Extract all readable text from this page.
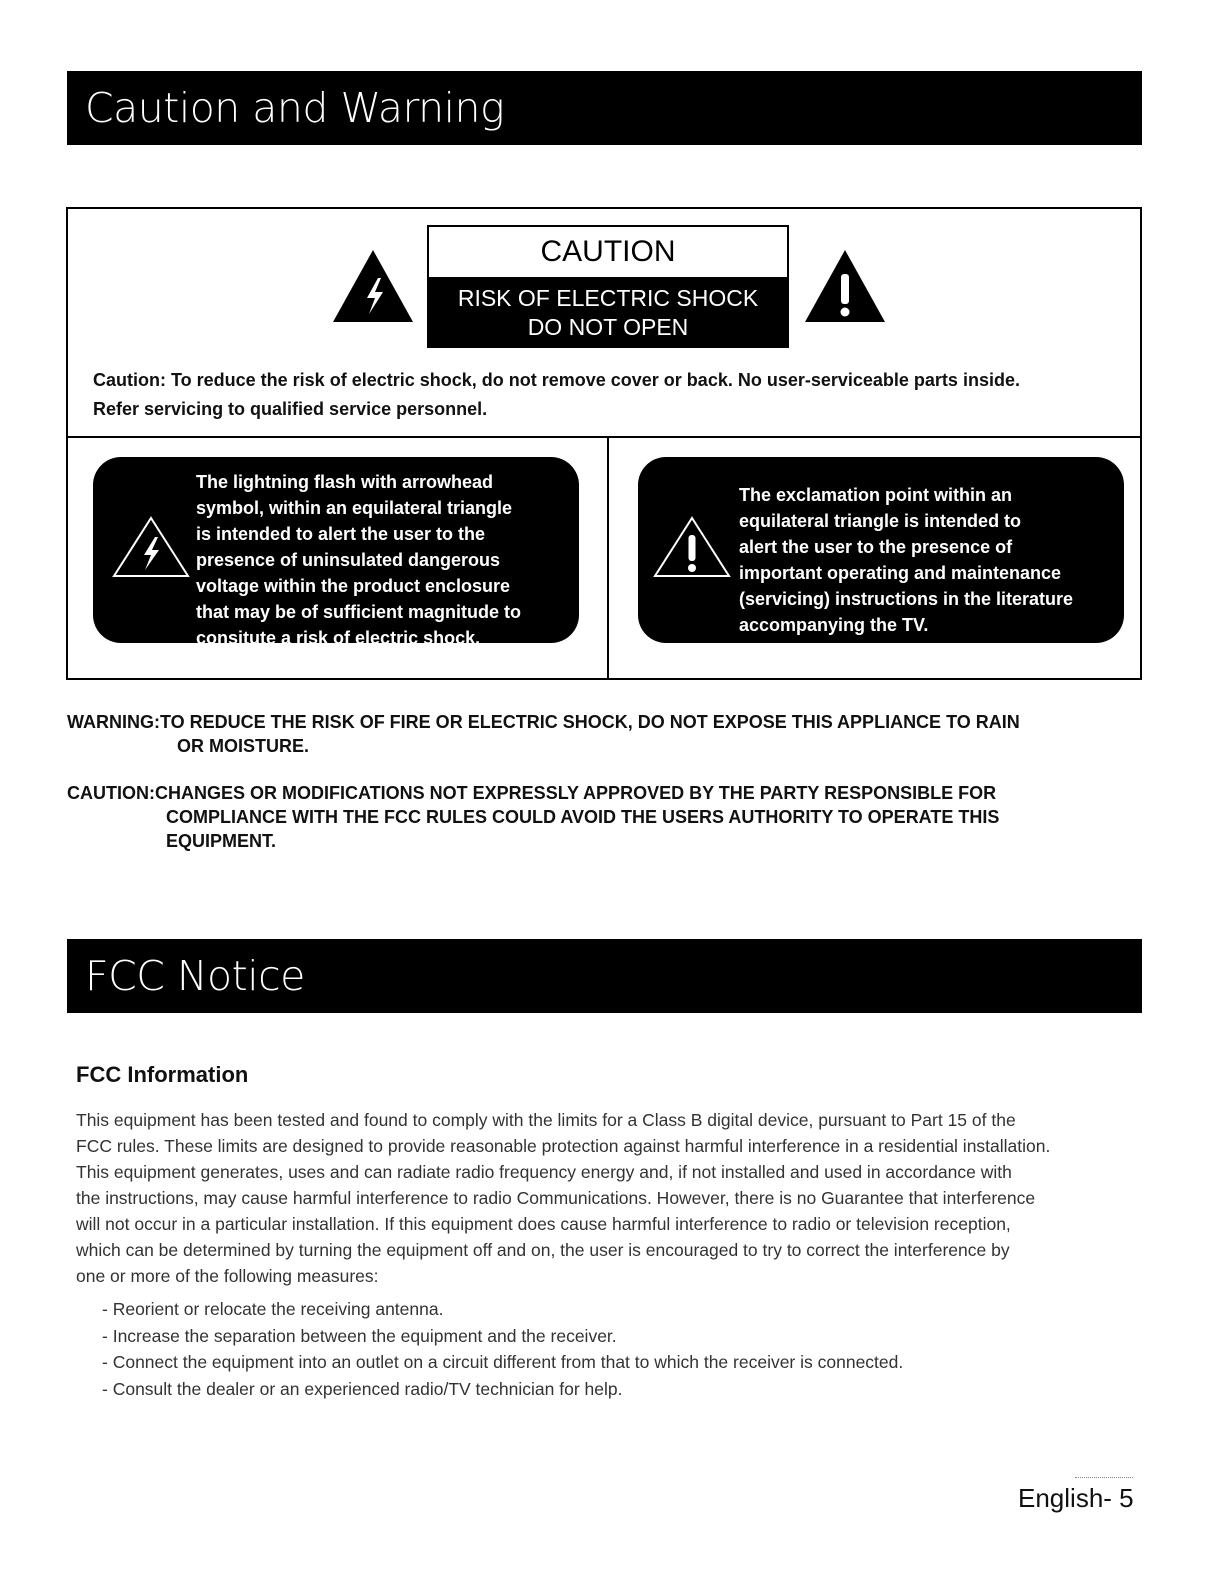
Caution and Warning
CAUTION
RISK OF ELECTRIC SHOCK
DO NOT OPEN
Caution: To reduce the risk of electric shock, do not remove cover or back. No user-serviceable parts inside.
Refer servicing to qualified service personnel.
The lightning flash with arrowhead
symbol, within an equilateral triangle
is intended to alert the user to the
presence of uninsulated dangerous
voltage within the product enclosure
that may be of sufficient magnitude to
consitute a risk of electric shock.
The exclamation point within an
equilateral triangle is intended to
alert the user to the presence of
important operating and maintenance
(servicing) instructions in the literature
accompanying the TV.
WARNING: TO REDUCE THE RISK OF FIRE OR ELECTRIC SHOCK, DO NOT EXPOSE THIS APPLIANCE TO RAIN
OR MOISTURE.
CAUTION: CHANGES OR MODIFICATIONS NOT EXPRESSLY APPROVED BY THE PARTY RESPONSIBLE FOR
COMPLIANCE WITH THE FCC RULES COULD AVOID THE USERS AUTHORITY TO OPERATE THIS
EQUIPMENT.
FCC Notice
FCC Information
This equipment has been tested and found to comply with the limits for a Class B digital device, pursuant to Part 15 of the
FCC rules. These limits are designed to provide reasonable protection against harmful interference in a residential installation.
This equipment generates, uses and can radiate radio frequency energy and, if not installed and used in accordance with
the instructions, may cause harmful interference to radio Communications. However, there is no Guarantee that interference
will not occur in a particular installation. If this equipment does cause harmful interference to radio or television reception,
which can be determined by turning the equipment off and on, the user is encouraged to try to correct the interference by
one or more of the following measures:
- Reorient or relocate the receiving antenna.
- Increase the separation between the equipment and the receiver.
- Connect the equipment into an outlet on a circuit different from that to which the receiver is connected.
- Consult the dealer or an experienced radio/TV technician for help.
English- 5
